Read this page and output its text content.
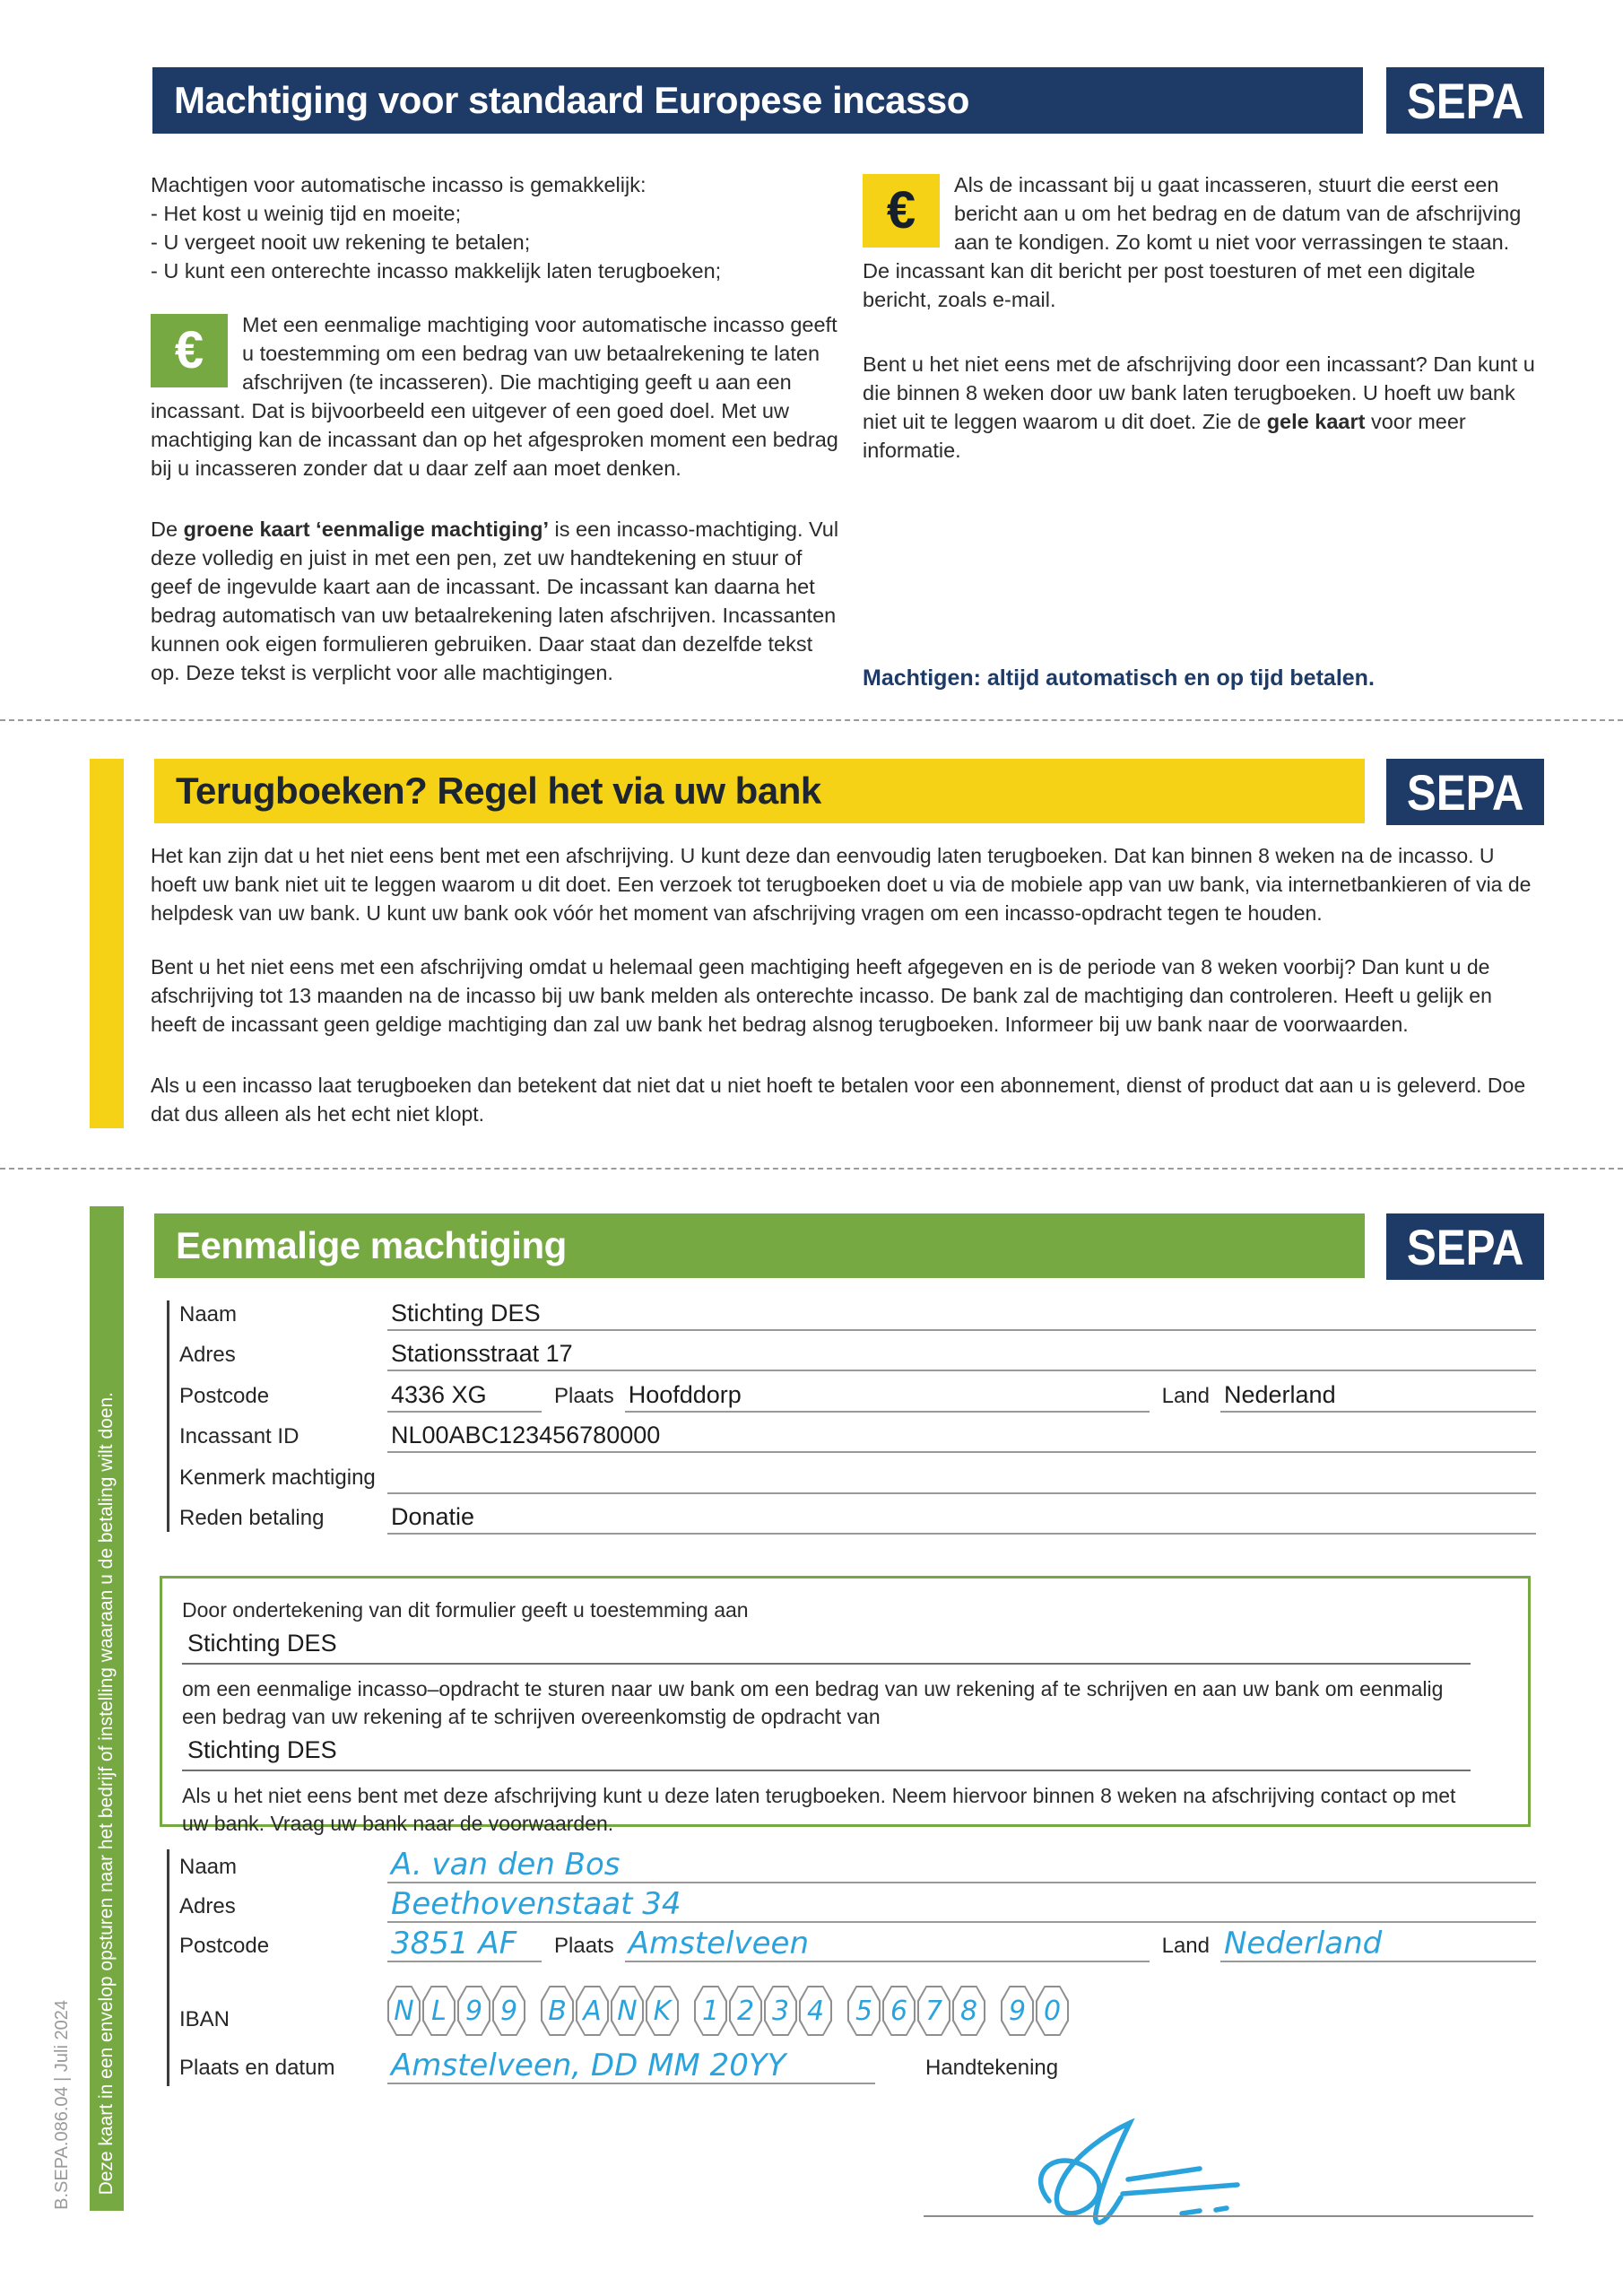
Machtiging voor standaard Europese incasso	SEPA
Machtigen voor automatische incasso is gemakkelijk:
- Het kost u weinig tijd en moeite;
- U vergeet nooit uw rekening te betalen;
- U kunt een onterechte incasso makkelijk laten terugboeken;
€ Met een eenmalige machtiging voor automatische incasso geeft u toestemming om een bedrag van uw betaalrekening te laten afschrijven (te incasseren). Die machtiging geeft u aan een incassant. Dat is bijvoorbeeld een uitgever of een goed doel. Met uw machtiging kan de incassant dan op het afgesproken moment een bedrag bij u incasseren zonder dat u daar zelf aan moet denken.
De groene kaart ‘eenmalige machtiging’ is een incasso-machtiging. Vul deze volledig en juist in met een pen, zet uw handtekening en stuur of geef de ingevulde kaart aan de incassant. De incassant kan daarna het bedrag automatisch van uw betaalrekening laten afschrijven. Incassanten kunnen ook eigen formulieren gebruiken. Daar staat dan dezelfde tekst op. Deze tekst is verplicht voor alle machtigingen.
€ Als de incassant bij u gaat incasseren, stuurt die eerst een bericht aan u om het bedrag en de datum van de afschrijving aan te kondigen. Zo komt u niet voor verrassingen te staan. De incassant kan dit bericht per post toesturen of met een digitale bericht, zoals e-mail.
Bent u het niet eens met de afschrijving door een incassant? Dan kunt u die binnen 8 weken door uw bank laten terugboeken. U hoeft uw bank niet uit te leggen waarom u dit doet. Zie de gele kaart voor meer informatie.
Machtigen: altijd automatisch en op tijd betalen.
Terugboeken? Regel het via uw bank	SEPA
Het kan zijn dat u het niet eens bent met een afschrijving. U kunt deze dan eenvoudig laten terugboeken. Dat kan binnen 8 weken na de incasso. U hoeft uw bank niet uit te leggen waarom u dit doet. Een verzoek tot terugboeken doet u via de mobiele app van uw bank, via internetbankieren of via de helpdesk van uw bank. U kunt uw bank ook vóór het moment van afschrijving vragen om een incasso-opdracht tegen te houden.
Bent u het niet eens met een afschrijving omdat u helemaal geen machtiging heeft afgegeven en is de periode van 8 weken voorbij? Dan kunt u de afschrijving tot 13 maanden na de incasso bij uw bank melden als onterechte incasso. De bank zal de machtiging dan controleren. Heeft u gelijk en heeft de incassant geen geldige machtiging dan zal uw bank het bedrag alsnog terugboeken. Informeer bij uw bank naar de voorwaarden.
Als u een incasso laat terugboeken dan betekent dat niet dat u niet hoeft te betalen voor een abonnement, dienst of product dat aan u is geleverd. Doe dat dus alleen als het echt niet klopt.
Deze kaart in een envelop opsturen naar het bedrijf of instelling waaraan u de betaling wilt doen.
B.SEPA.086.04 | Juli 2024
Eenmalige machtiging	SEPA
Naam	Stichting DES
Adres	Stationsstraat 17
Postcode	4336 XG	Plaats Hoofddorp	Land Nederland
Incassant ID	NL00ABC123456780000
Kenmerk machtiging
Reden betaling	Donatie
Door ondertekening van dit formulier geeft u toestemming aan
Stichting DES
om een eenmalige incasso–opdracht te sturen naar uw bank om een bedrag van uw rekening af te schrijven en aan uw bank om eenmalig een bedrag van uw rekening af te schrijven overeenkomstig de opdracht van
Stichting DES
Als u het niet eens bent met deze afschrijving kunt u deze laten terugboeken. Neem hiervoor binnen 8 weken na afschrijving contact op met uw bank. Vraag uw bank naar de voorwaarden.
Naam	A. van den Bos
Adres	Beethovenstaat 34
Postcode	3851 AF	Plaats Amstelveen	Land Nederland
IBAN	N L 9 9 B A N K 1 2 3 4 5 6 7 8 9 0
Plaats en datum	Amstelveen, DD MM 20YY	Handtekening
